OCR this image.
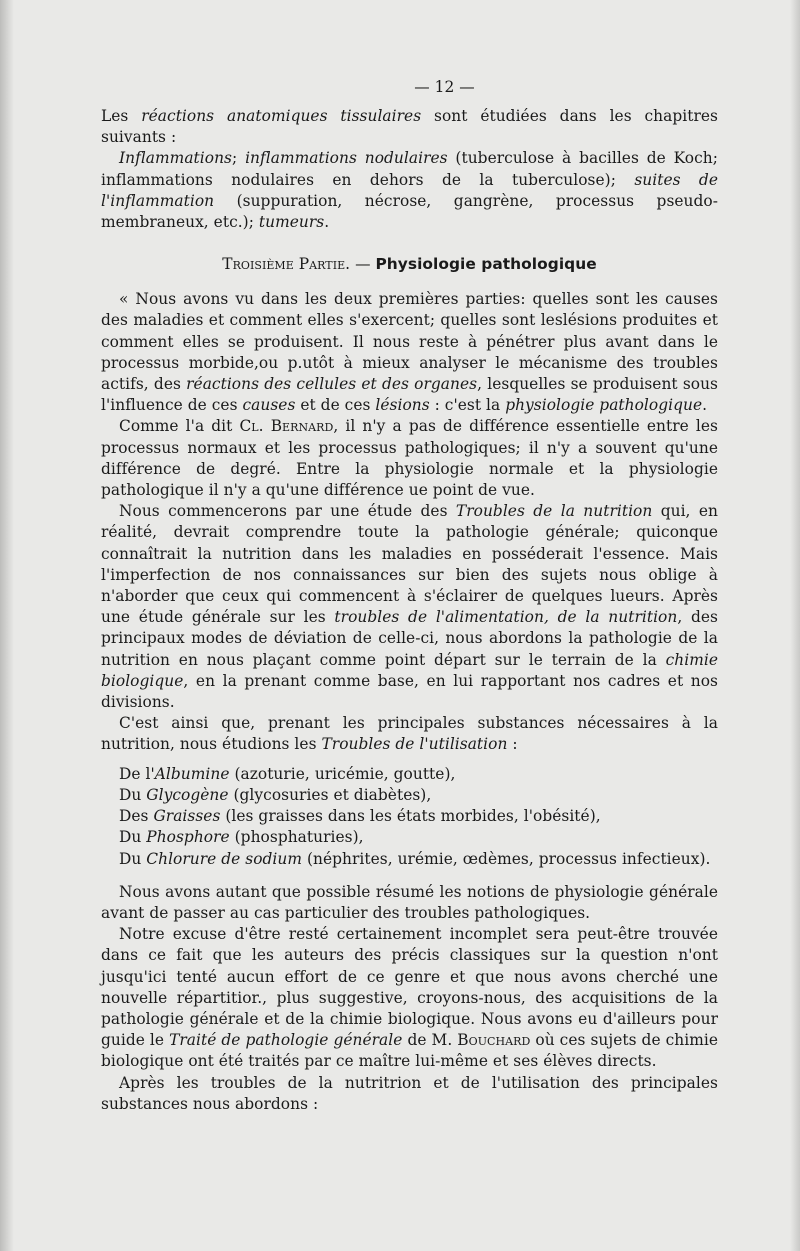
— 12 —

Les réactions anatomiques tissulaires sont étudiées dans les chapitres suivants :

Inflammations; inflammations nodulaires (tuberculose à bacilles de Koch; inflammations nodulaires en dehors de la tuberculose); suites de l'inflammation (suppuration, nécrose, gangrène, processus pseudo-membraneux, etc.); tumeurs.

Troisième Partie. — Physiologie pathologique

« Nous avons vu dans les deux premières parties: quelles sont les causes des maladies et comment elles s'exercent; quelles sont leslésions produites et comment elles se produisent. Il nous reste à pénétrer plus avant dans le processus morbide,ou p.utôt à mieux analyser le mécanisme des troubles actifs, des réactions des cellules et des organes, lesquelles se produisent sous l'influence de ces causes et de ces lésions : c'est la physiologie pathologique.

Comme l'a dit Cl. Bernard, il n'y a pas de différence essentielle entre les processus normaux et les processus pathologiques; il n'y a souvent qu'une différence de degré. Entre la physiologie normale et la physiologie pathologique il n'y a qu'une différence ue point de vue.

Nous commencerons par une étude des Troubles de la nutrition qui, en réalité, devrait comprendre toute la pathologie générale; quiconque connaîtrait la nutrition dans les maladies en posséderait l'essence. Mais l'imperfection de nos connaissances sur bien des sujets nous oblige à n'aborder que ceux qui commencent à s'éclairer de quelques lueurs. Après une étude générale sur les troubles de l'alimentation, de la nutrition, des principaux modes de déviation de celle-ci, nous abordons la pathologie de la nutrition en nous plaçant comme point départ sur le terrain de la chimie biologique, en la prenant comme base, en lui rapportant nos cadres et nos divisions.

C'est ainsi que, prenant les principales substances nécessaires à la nutrition, nous étudions les Troubles de l'utilisation :

De l'Albumine (azoturie, uricémie, goutte),

Du Glycogène (glycosuries et diabètes),

Des Graisses (les graisses dans les états morbides, l'obésité),

Du Phosphore (phosphaturies),

Du Chlorure de sodium (néphrites, urémie, œdèmes, processus infectieux).

Nous avons autant que possible résumé les notions de physiologie générale avant de passer au cas particulier des troubles pathologiques.

Notre excuse d'être resté certainement incomplet sera peut-être trouvée dans ce fait que les auteurs des précis classiques sur la question n'ont jusqu'ici tenté aucun effort de ce genre et que nous avons cherché une nouvelle répartitior., plus suggestive, croyons-nous, des acquisitions de la pathologie générale et de la chimie biologique. Nous avons eu d'ailleurs pour guide le Traité de pathologie générale de M. Bouchard où ces sujets de chimie biologique ont été traités par ce maître lui-même et ses élèves directs.

Après les troubles de la nutritrion et de l'utilisation des principales substances nous abordons :
